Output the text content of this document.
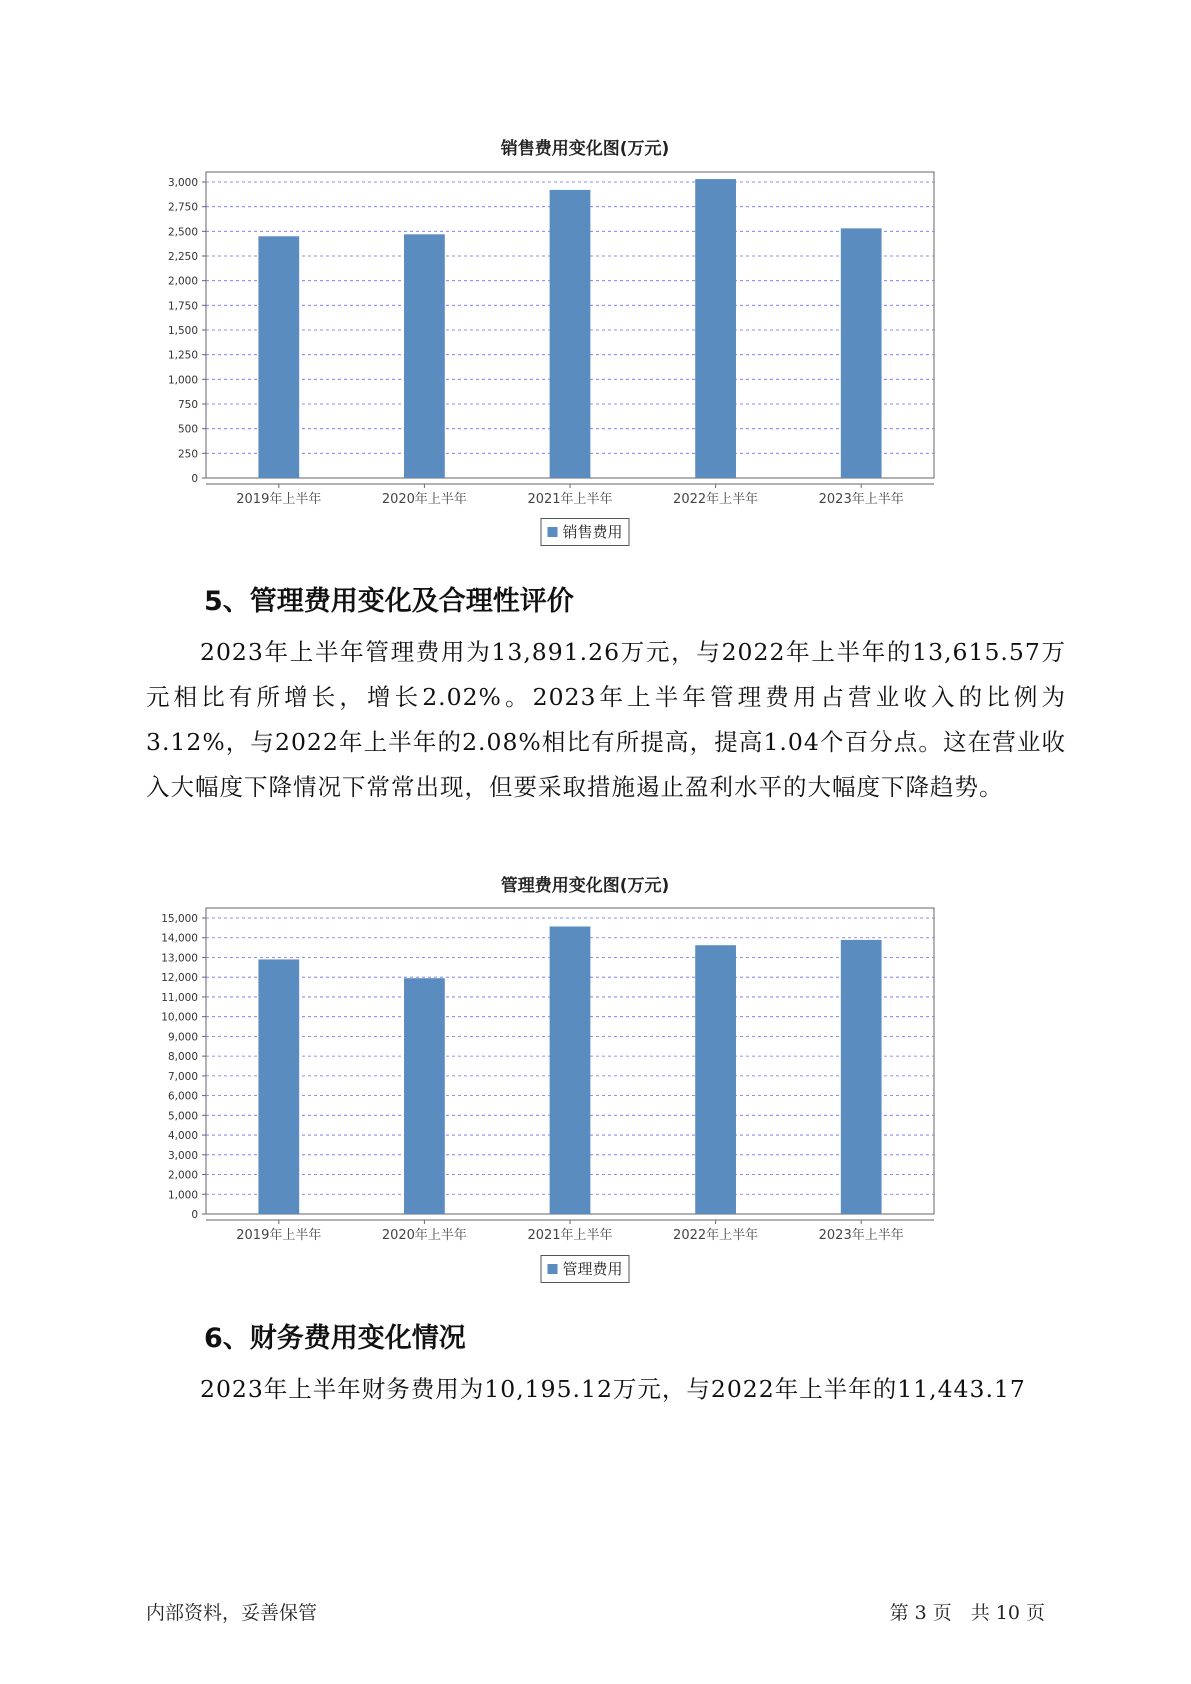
销售费用变化图(万元)
0
250
500
750
1,000
1,250
1,500
1,750
2,000
2,250
2,500
2,750
3,000
2019年上半年	2020年上半年	2021年上半年	2022年上半年	2023年上半年
销售费用
5、管理费用变化及合理性评价

2023年上半年管理费用为13,891.26万元，与2022年上半年的13,615.57万元相比有所增长，增长2.02%。2023年上半年管理费用占营业收入的比例为3.12%，与2022年上半年的2.08%相比有所提高，提高1.04个百分点。这在营业收入大幅度下降情况下常常出现，但要采取措施遏止盈利水平的大幅度下降趋势。

管理费用变化图(万元)
0
1,000
2,000
3,000
4,000
5,000
6,000
7,000
8,000
9,000
10,000
11,000
12,000
13,000
14,000
15,000
2019年上半年	2020年上半年	2021年上半年	2022年上半年	2023年上半年
管理费用
6、财务费用变化情况

2023年上半年财务费用为10,195.12万元，与2022年上半年的11,443.17

内部资料，妥善保管	第 3 页　共 10 页
